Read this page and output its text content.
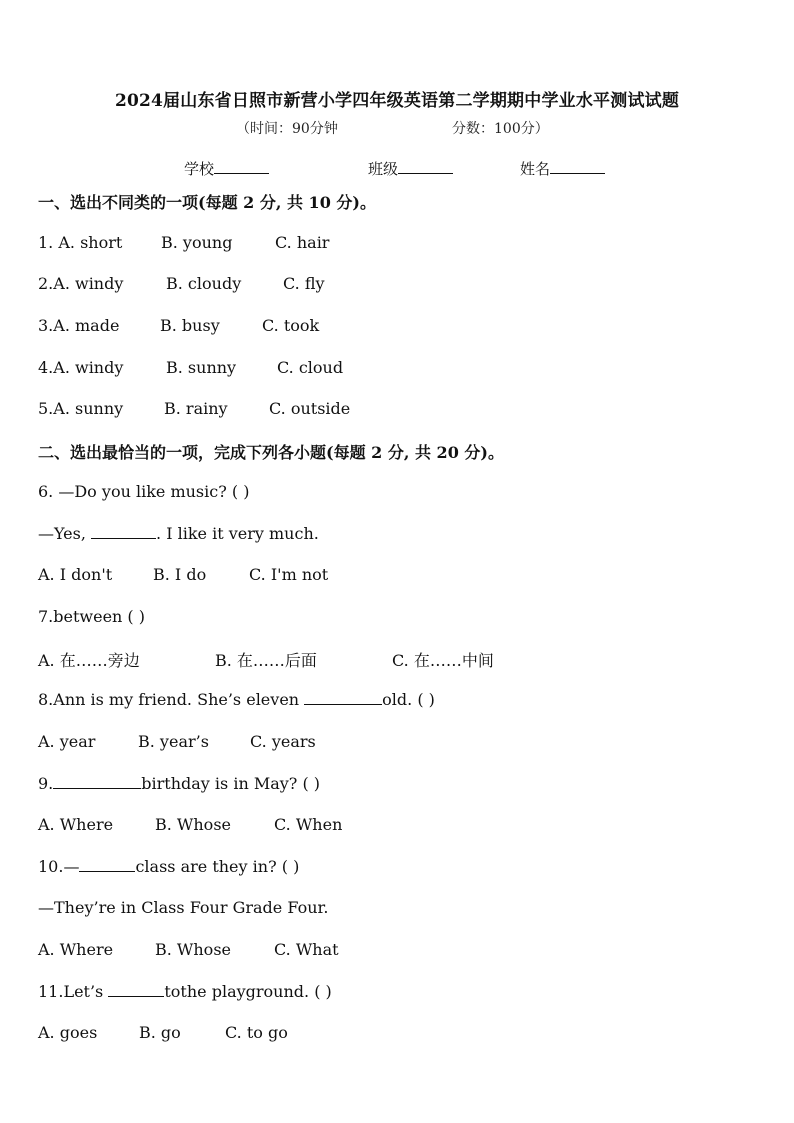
2024届山东省日照市新营小学四年级英语第二学期期中学业水平测试试题
（时间：90分钟	分数：100分）
学校	班级	姓名
一、选出不同类的一项(每题 2 分, 共 10 分)。
1. A. short B. young	C. hair
2.A. windy	B. cloudy	C. fly
3.A. made	B. busy	C. took
4.A. windy	B. sunny	C. cloud
5.A. sunny	B. rainy	C. outside
二、选出最恰当的一项，完成下列各小题(每题 2 分, 共 20 分)。
6. —Do you like music? ( )
—Yes,	. I like it very much.
A. I don't	B. I do	C. I'm not
7.between ( )
A. 在……旁边	B. 在……后面	C. 在……中间
8.Ann is my friend. She’s eleven	old. ( )
A. year	B. year’s	C. years
9.	birthday is in May? ( )
A. Where	B. Whose	C. When
10.—	class are they in? ( )
—They’re in Class Four Grade Four.
A. Where	B. Whose	C. What
11.Let’s	tothe playground. ( )
A. goes	B. go	C. to go
